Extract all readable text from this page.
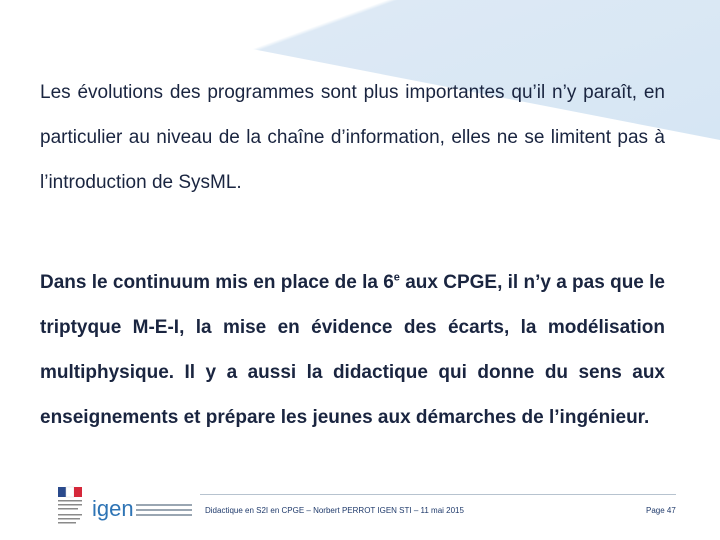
Les évolutions des programmes sont plus importantes qu’il n’y paraît, en particulier au niveau de la chaîne d’information, elles ne se limitent pas à l’introduction de SysML.

Dans le continuum mis en place de la 6e aux CPGE, il n’y a pas que le triptyque M-E-I, la mise en évidence des écarts, la modélisation multiphysique. Il y a aussi la didactique qui donne du sens aux enseignements et prépare les jeunes aux démarches de l’ingénieur.

igen	Didactique en S2I en CPGE – Norbert PERROT IGEN STI – 11 mai 2015	Page 47
